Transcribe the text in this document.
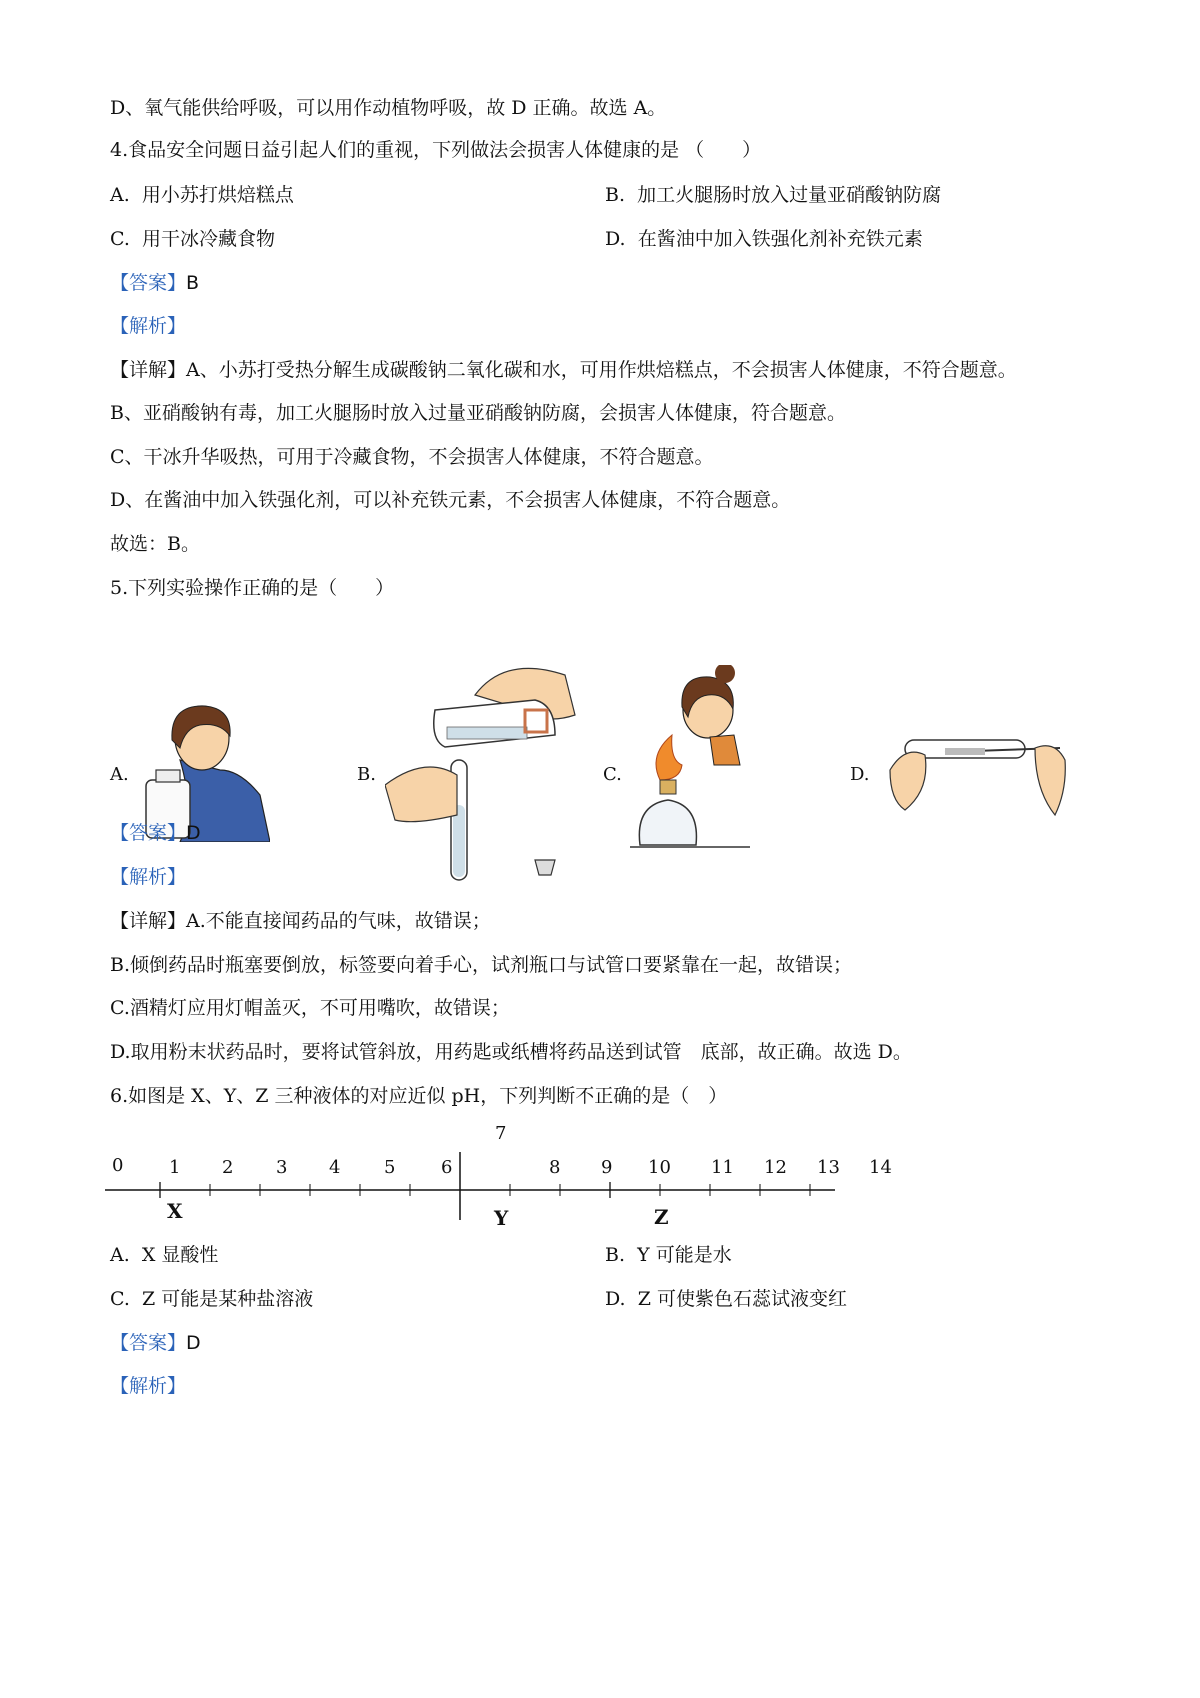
D、氧气能供给呼吸，可以用作动植物呼吸，故 D 正确。故选 A。
4.食品安全问题日益引起人们的重视，下列做法会损害人体健康的是 （　　）
A. 用小苏打烘焙糕点	B. 加工火腿肠时放入过量亚硝酸钠防腐
C. 用干冰冷藏食物	D. 在酱油中加入铁强化剂补充铁元素
【答案】B
【解析】
【详解】A、小苏打受热分解生成碳酸钠二氧化碳和水，可用作烘焙糕点，不会损害人体健康，不符合题意。
B、亚硝酸钠有毒，加工火腿肠时放入过量亚硝酸钠防腐，会损害人体健康，符合题意。
C、干冰升华吸热，可用于冷藏食物，不会损害人体健康，不符合题意。
D、在酱油中加入铁强化剂，可以补充铁元素，不会损害人体健康，不符合题意。
故选：B。
5.下列实验操作正确的是（　　）
A.	B.	C.	D.
【答案】D
【解析】
【详解】A.不能直接闻药品的气味，故错误；
B.倾倒药品时瓶塞要倒放，标签要向着手心，试剂瓶口与试管口要紧靠在一起，故错误；
C.酒精灯应用灯帽盖灭，不可用嘴吹，故错误；
D.取用粉末状药品时，要将试管斜放，用药匙或纸槽将药品送到试管　底部，故正确。故选 D。
6.如图是 X、Y、Z 三种液体的对应近似 pH，下列判断不正确的是（　）
0	1 2 3 4 5	6
7
8 9 10 11 12 13 14
X	Y	Z
A. X 显酸性	B. Y 可能是水
C. Z 可能是某种盐溶液	D. Z 可使紫色石蕊试液变红
【答案】D
【解析】
